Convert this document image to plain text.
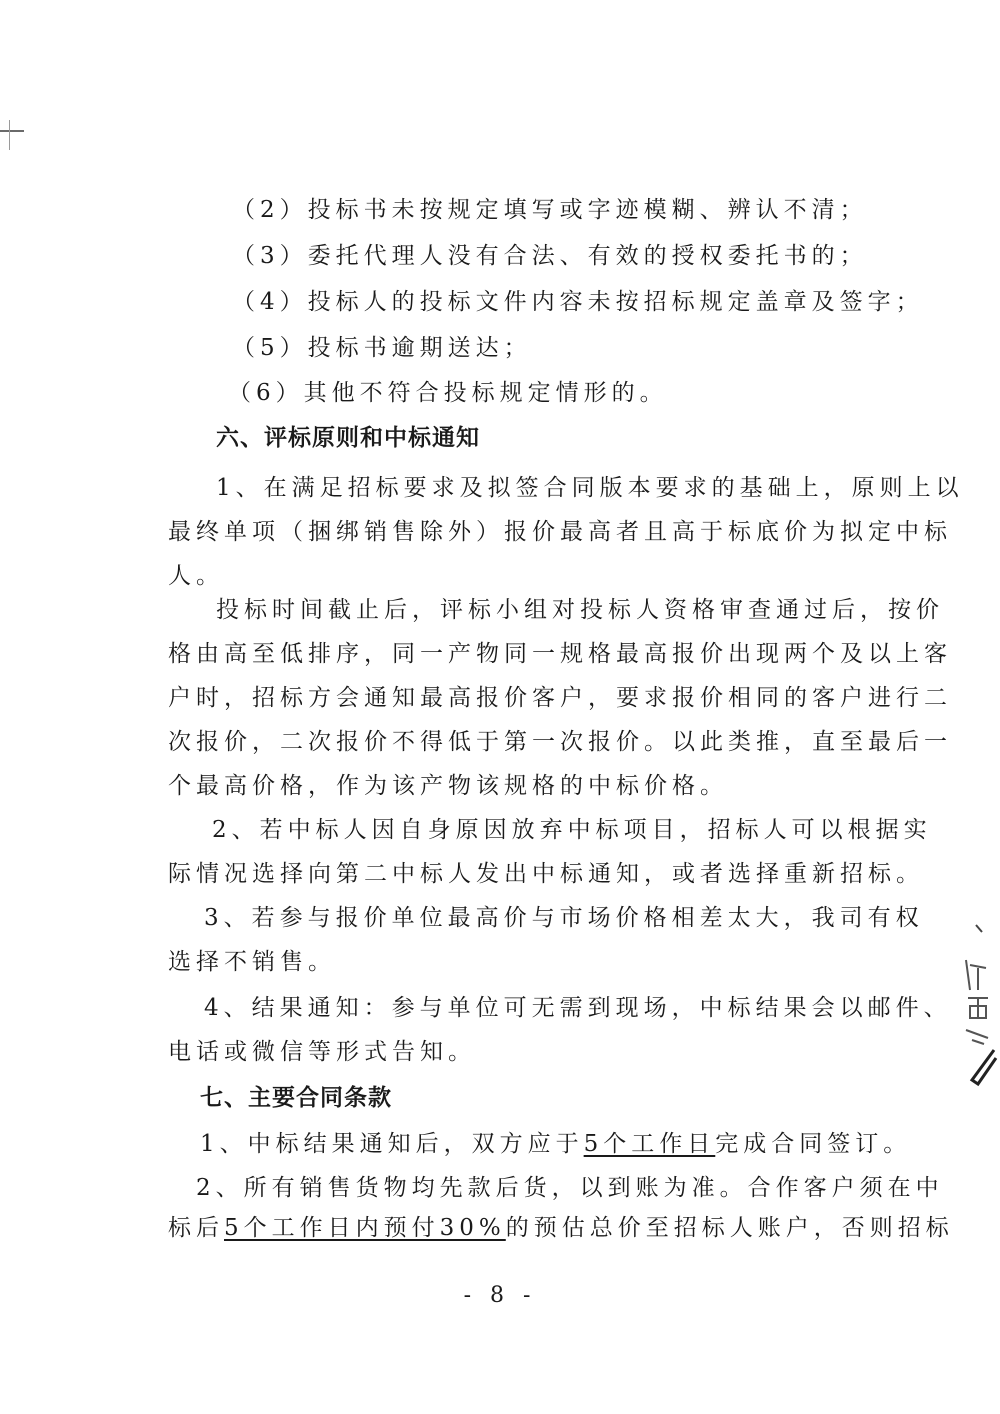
（2）投标书未按规定填写或字迹模糊、辨认不清；
（3）委托代理人没有合法、有效的授权委托书的；
（4）投标人的投标文件内容未按招标规定盖章及签字；
（5）投标书逾期送达；
（6）其他不符合投标规定情形的。
六、评标原则和中标通知
1、在满足招标要求及拟签合同版本要求的基础上，原则上以
最终单项（捆绑销售除外）报价最高者且高于标底价为拟定中标
人。
投标时间截止后，评标小组对投标人资格审查通过后，按价
格由高至低排序，同一产物同一规格最高报价出现两个及以上客
户时，招标方会通知最高报价客户，要求报价相同的客户进行二
次报价，二次报价不得低于第一次报价。以此类推，直至最后一
个最高价格，作为该产物该规格的中标价格。
2、若中标人因自身原因放弃中标项目，招标人可以根据实
际情况选择向第二中标人发出中标通知，或者选择重新招标。
3、若参与报价单位最高价与市场价格相差太大，我司有权
选择不销售。
4、结果通知：参与单位可无需到现场，中标结果会以邮件、
电话或微信等形式告知。
七、主要合同条款
1、中标结果通知后，双方应于5个工作日完成合同签订。
2、所有销售货物均先款后货，以到账为准。合作客户须在中
标后5个工作日内预付30%的预估总价至招标人账户，否则招标
- 8 -
